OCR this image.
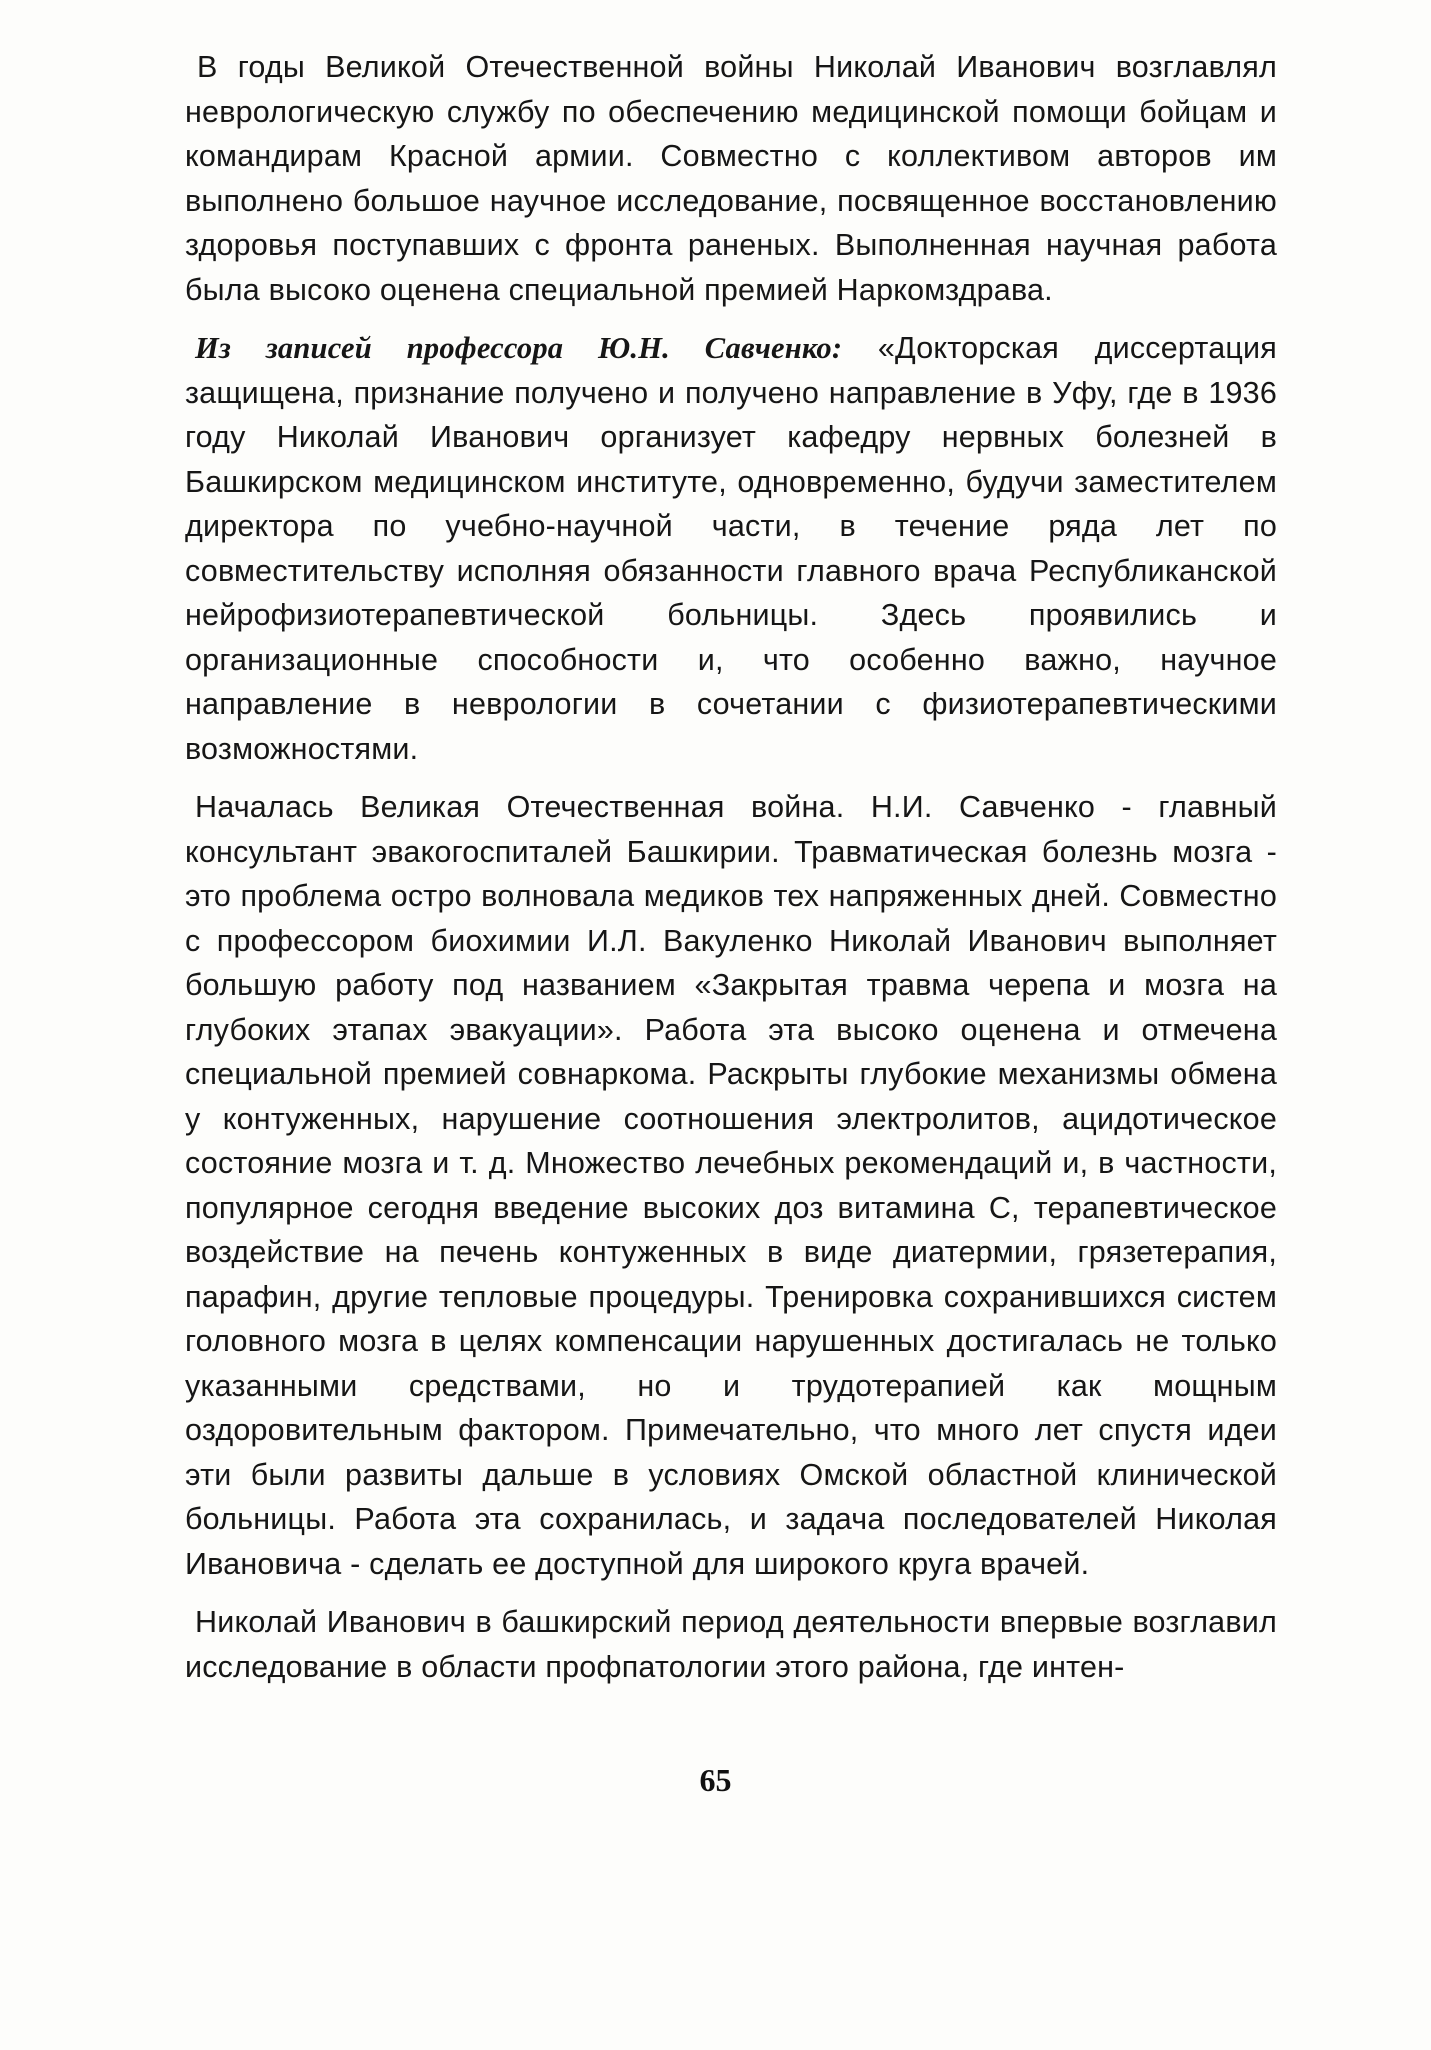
В годы Великой Отечественной войны Николай Иванович возглавлял неврологическую службу по обеспечению медицинской помощи бойцам и командирам Красной армии. Совместно с коллективом авторов им выполнено большое научное исследование, посвященное восстановлению здоровья поступавших с фронта раненых. Выполненная научная работа была высоко оценена специальной премией Наркомздрава.

Из записей профессора Ю.Н. Савченко: «Докторская диссертация защищена, признание получено и получено направление в Уфу, где в 1936 году Николай Иванович организует кафедру нервных болезней в Башкирском медицинском институте, одновременно, будучи заместителем директора по учебно-научной части, в течение ряда лет по совместительству исполняя обязанности главного врача Республиканской нейрофизиотерапевтической больницы. Здесь проявились и организационные способности и, что особенно важно, научное направление в неврологии в сочетании с физиотерапевтическими возможностями.

Началась Великая Отечественная война. Н.И. Савченко - главный консультант эвакогоспиталей Башкирии. Травматическая болезнь мозга - это проблема остро волновала медиков тех напряженных дней. Совместно с профессором биохимии И.Л. Вакуленко Николай Иванович выполняет большую работу под названием «Закрытая травма черепа и мозга на глубоких этапах эвакуации». Работа эта высоко оценена и отмечена специальной премией совнаркома. Раскрыты глубокие механизмы обмена у контуженных, нарушение соотношения электролитов, ацидотическое состояние мозга и т. д. Множество лечебных рекомендаций и, в частности, популярное сегодня введение высоких доз витамина С, терапевтическое воздействие на печень контуженных в виде диатермии, грязетерапия, парафин, другие тепловые процедуры. Тренировка сохранившихся систем головного мозга в целях компенсации нарушенных достигалась не только указанными средствами, но и трудотерапией как мощным оздоровительным фактором. Примечательно, что много лет спустя идеи эти были развиты дальше в условиях Омской областной клинической больницы. Работа эта сохранилась, и задача последователей Николая Ивановича - сделать ее доступной для широкого круга врачей.

Николай Иванович в башкирский период деятельности впервые возглавил исследование в области профпатологии этого района, где интен-

65
